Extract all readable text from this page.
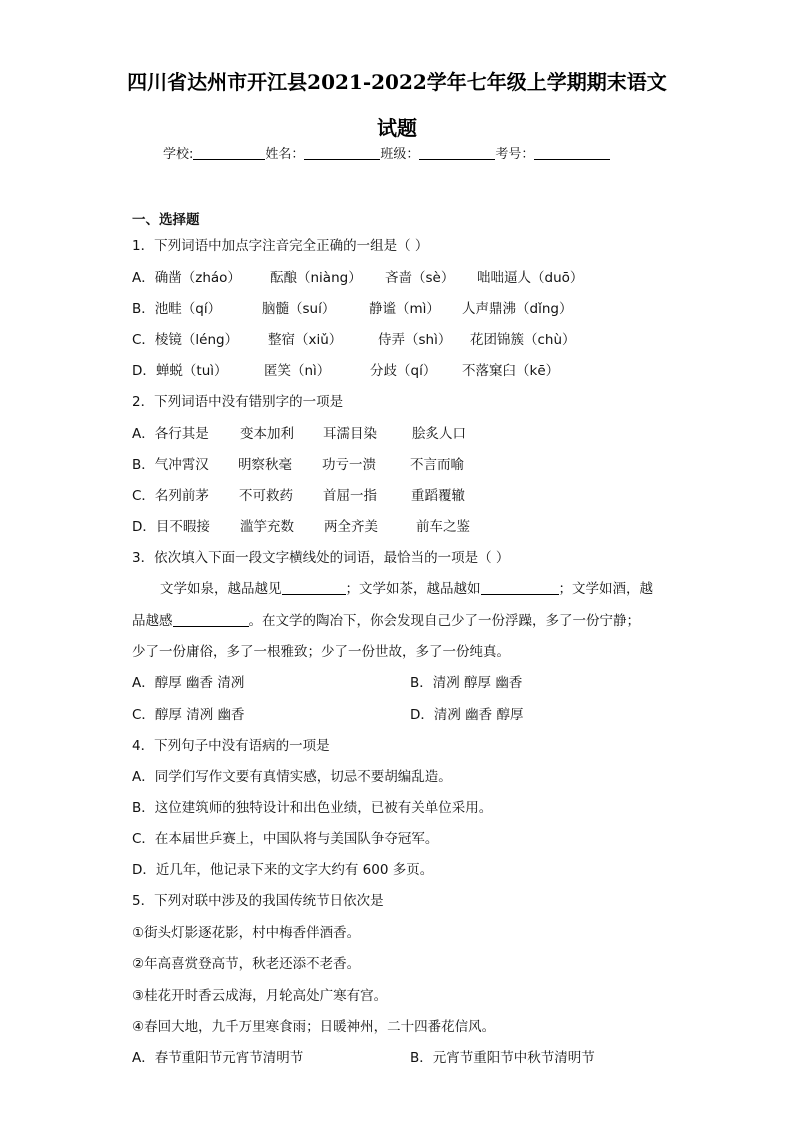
四川省达州市开江县2021-2022学年七年级上学期期末语文
试题
学校:	姓名：	班级：	考号：
一、选择题
1．下列词语中加点字注音完全正确的一组是（ ）
A．确凿（zháo） 酝酿（niàng） 吝啬（sè） 咄咄逼人（duō）
B．池畦（qí）	脑髓（suí） 静谧（mì） 人声鼎沸（dǐng）
C．棱镜（léng） 整宿（xiǔ）	侍弄（shì） 花团锦簇（chù）
D．蝉蜕（tuì）	匿笑（nì）	分歧（qí） 不落窠臼（kē）
2．下列词语中没有错别字的一项是
A．各行其是 变本加利 耳濡目染	脍炙人口
B．气冲霄汉 明察秋毫 功亏一溃	不言而喻
C．名列前茅 不可救药 首屈一指	重蹈覆辙
D．目不暇接 滥竽充数 两全齐美	前车之鉴
3．依次填入下面一段文字横线处的词语，最恰当的一项是（ ）
文学如泉，越品越见	；文学如茶，越品越如	；文学如酒，越
品越感	。在文学的陶冶下，你会发现自己少了一份浮躁，多了一份宁静；
少了一份庸俗，多了一根雅致；少了一份世故，多了一份纯真。
A．醇厚 幽香 清冽	B．清冽 醇厚 幽香
C．醇厚 清冽 幽香	D．清冽 幽香 醇厚
4．下列句子中没有语病的一项是
A．同学们写作文要有真情实感，切忌不要胡编乱造。
B．这位建筑师的独特设计和出色业绩，已被有关单位采用。
C．在本届世乒赛上，中国队将与美国队争夺冠军。
D．近几年，他记录下来的文字大约有 600 多页。
5．下列对联中涉及的我国传统节日依次是
①街头灯影逐花影，村中梅香伴酒香。
②年高喜赏登高节，秋老还添不老香。
③桂花开时香云成海，月轮高处广寒有宫。
④春回大地，九千万里寒食雨；日暖神州，二十四番花信风。
A．春节重阳节元宵节清明节	B．元宵节重阳节中秋节清明节
